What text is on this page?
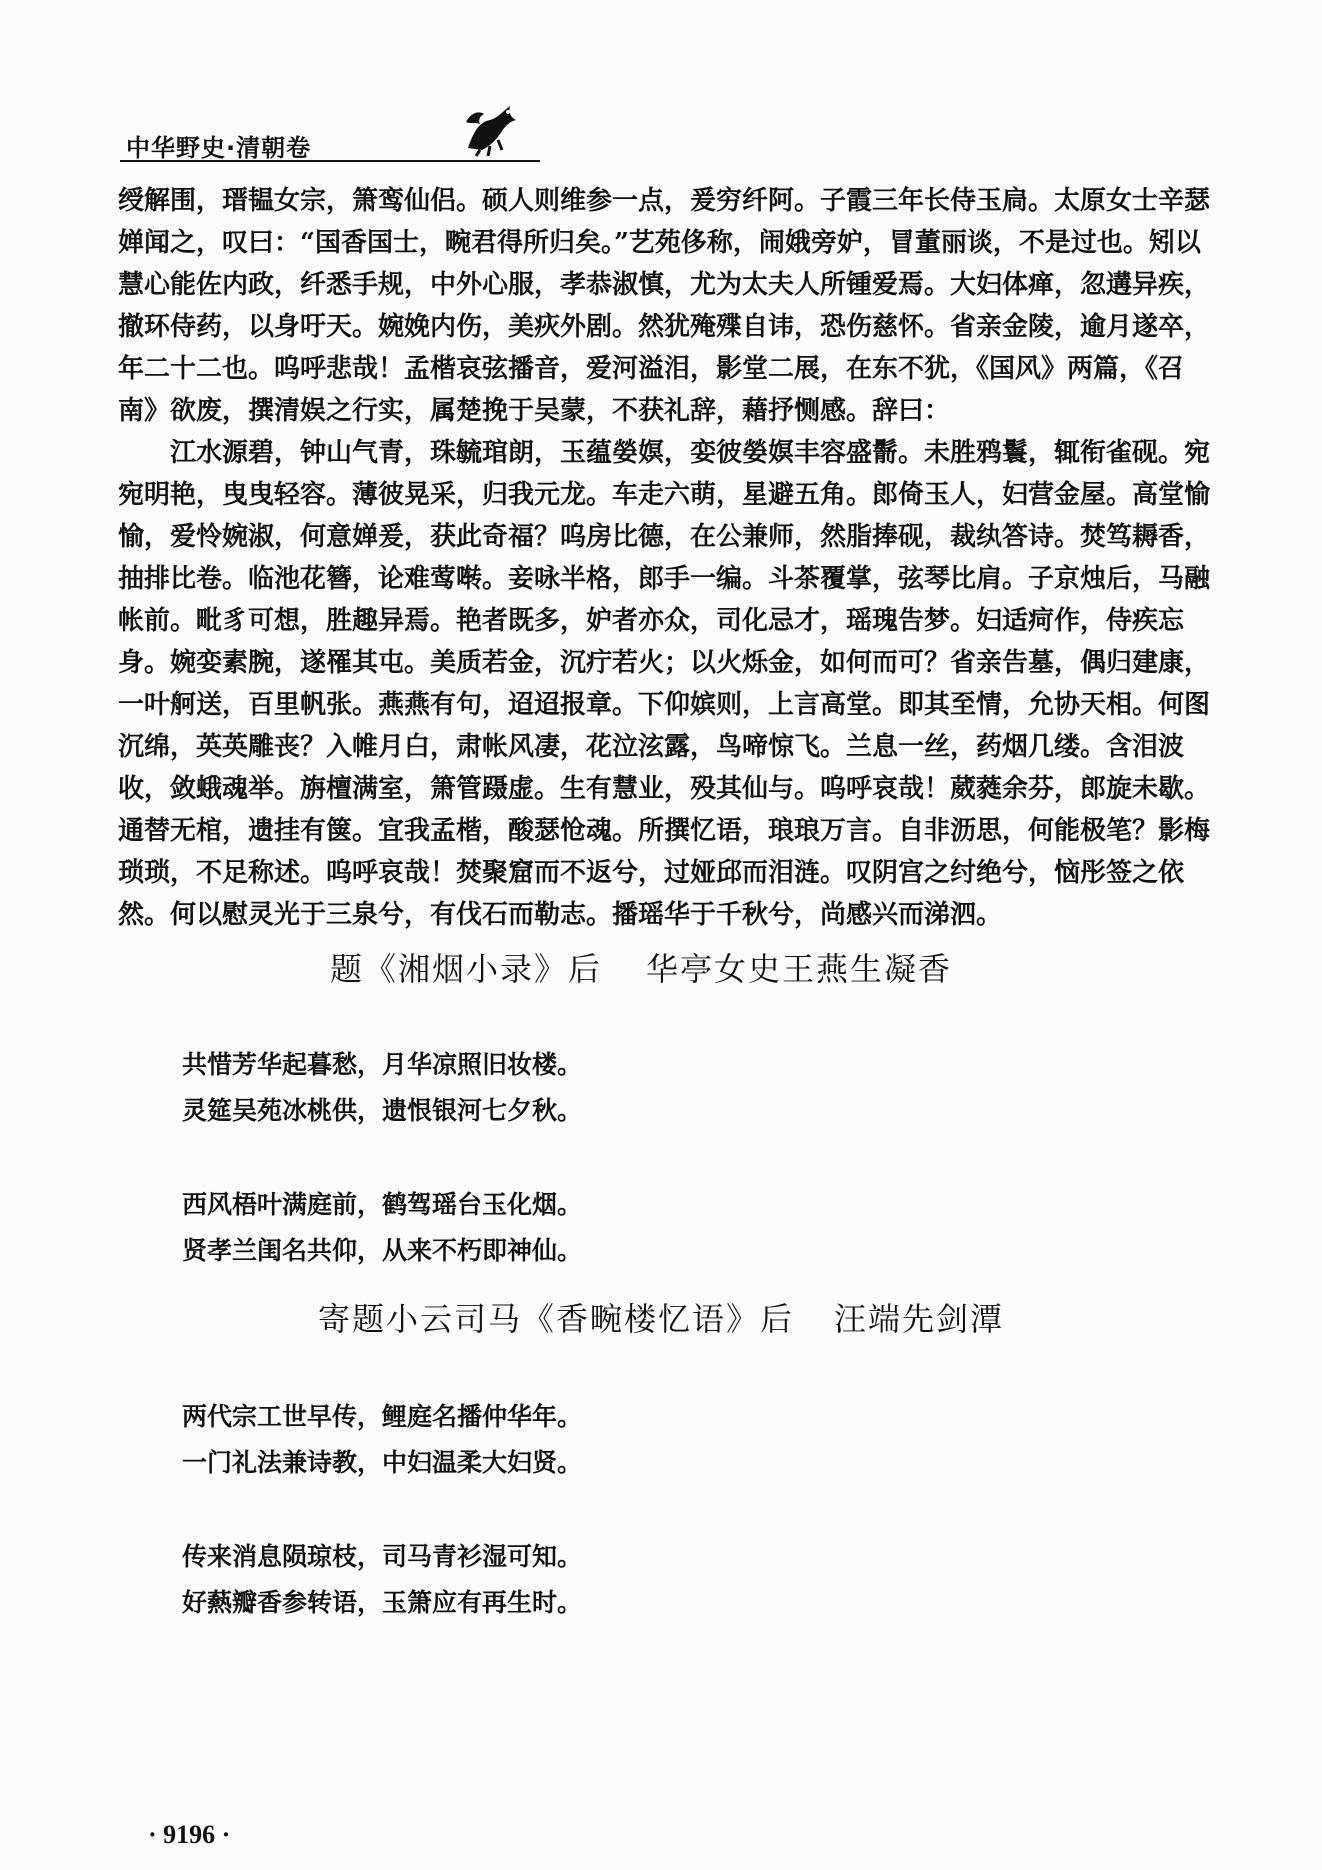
中华野史·清朝卷

绶解围，瑨韫女宗，箫鸾仙侣。硕人则维参一点，爰穷纤阿。子霞三年长侍玉扃。太原女士辛瑟婵闻之，叹曰：“国香国士，畹君得所归矣。”艺苑侈称，闹娥旁妒，冒董丽谈，不是过也。矧以慧心能佐内政，纤悉手规，中外心服，孝恭淑慎，尤为太夫人所锺爱焉。大妇体瘅，忽遘异疾，撤环侍药，以身吁天。婉娩内伤，美疢外剧。然犹殗殜自讳，恐伤慈怀。省亲金陵，逾月遂卒，年二十二也。呜呼悲哉！孟楷哀弦播音，爱河溢泪，影堂二展，在东不犹，《国风》两篇，《召南》欲废，撰清娱之行实，属楚挽于吴蒙，不获礼辞，藉抒恻感。辞曰：

江水源碧，钟山气青，珠毓琯朗，玉蕴嫈嫇，娈彼嫈嫇丰容盛鬋。未胜鸦鬟，辄衔雀砚。宛宛明艳，曳曳轻容。薄彼晃采，归我元龙。车走六萌，星避五角。郎倚玉人，妇营金屋。高堂愉愉，爱怜婉淑，何意婵爰，获此奇福？呜房比德，在公兼师，然脂捧砚，裁纨答诗。焚笃耨香，抽排比卷。临池花簪，论难莺啭。妾咏半格，郎手一编。斗茶覆掌，弦琴比肩。子京烛后，马融帐前。毗豸可想，胜趣异焉。艳者既多，妒者亦众，司化忌才，瑶瑰告梦。妇适疴作，侍疾忘身。婉娈素腕，遂罹其屯。美质若金，沉疔若火；以火烁金，如何而可？省亲告墓，偶归建康，一叶舸送，百里帆张。燕燕有句，迢迢报章。下仰嫔则，上言高堂。即其至情，允协天相。何图沉绵，英英雕丧？入帷月白，肃帐风凄，花泣泫露，鸟啼惊飞。兰息一丝，药烟几缕。含泪波收，敛蛾魂举。旃檀满室，箫管蹑虚。生有慧业，殁其仙与。呜呼哀哉！葳蕤余芬，郎旋未歇。通替无棺，遗挂有箧。宜我孟楷，酸瑟怆魂。所撰忆语，琅琅万言。自非沥思，何能极笔？影梅琐琐，不足称述。呜呼哀哉！焚聚窟而不返兮，过娅邱而泪涟。叹阴宫之纣绝兮，恼彤签之依然。何以慰灵光于三泉兮，有伐石而勒志。播瑶华于千秋兮，尚感兴而涕泗。

题《湘烟小录》后 华亭女史王燕生凝香
共惜芳华起暮愁，月华凉照旧妆楼。
灵筵吴苑冰桃供，遗恨银河七夕秋。
西风梧叶满庭前，鹤驾瑶台玉化烟。
贤孝兰闺名共仰，从来不朽即神仙。
寄题小云司马《香畹楼忆语》后 汪端先剑潭
两代宗工世早传，鲤庭名播仲华年。
一门礼法兼诗教，中妇温柔大妇贤。
传来消息陨琼枝，司马青衫湿可知。
好爇瓣香参转语，玉箫应有再生时。
· 9196 ·
